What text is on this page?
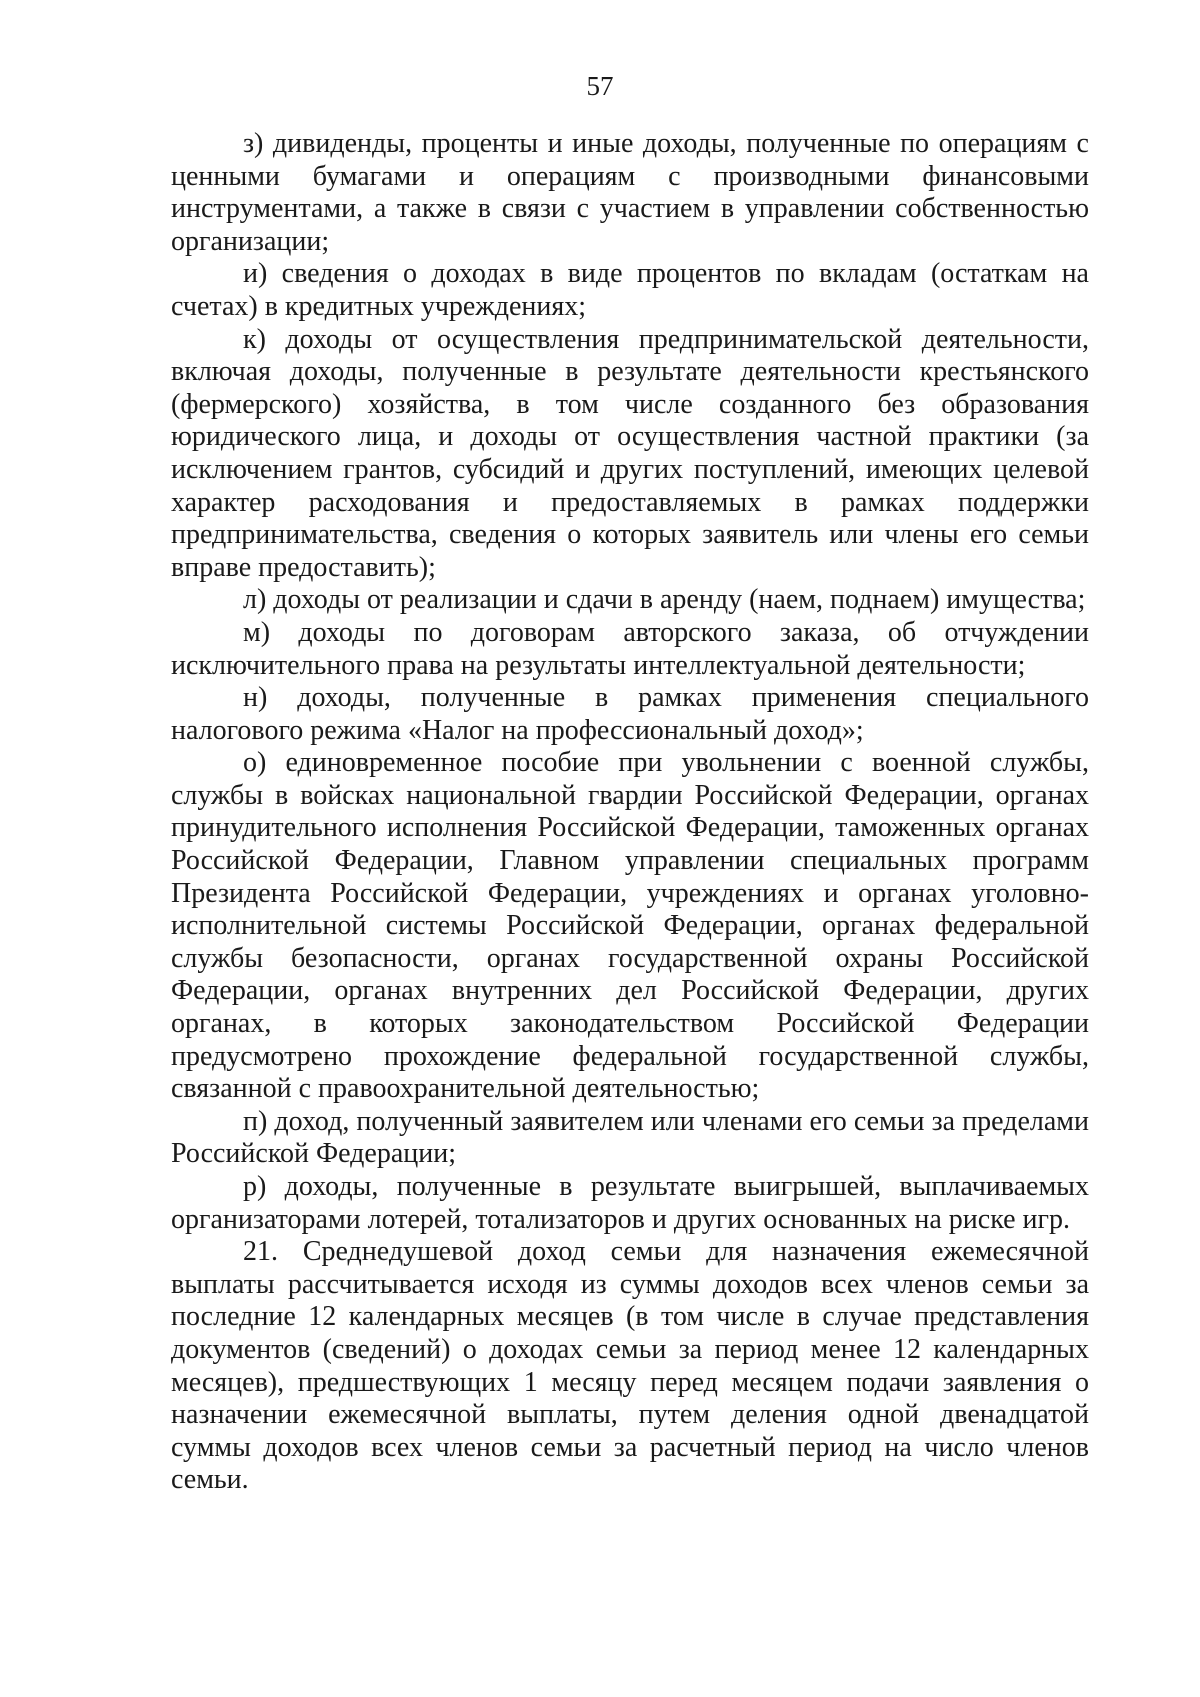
57

з) дивиденды, проценты и иные доходы, полученные по операциям с ценными бумагами и операциям с производными финансовыми инструментами, а также в связи с участием в управлении собственностью организации;

и) сведения о доходах в виде процентов по вкладам (остаткам на счетах) в кредитных учреждениях;

к) доходы от осуществления предпринимательской деятельности, включая доходы, полученные в результате деятельности крестьянского (фермерского) хозяйства, в том числе созданного без образования юридического лица, и доходы от осуществления частной практики (за исключением грантов, субсидий и других поступлений, имеющих целевой характер расходования и предоставляемых в рамках поддержки предпринимательства, сведения о которых заявитель или члены его семьи вправе предоставить);

л) доходы от реализации и сдачи в аренду (наем, поднаем) имущества;

м) доходы по договорам авторского заказа, об отчуждении исключительного права на результаты интеллектуальной деятельности;

н) доходы, полученные в рамках применения специального налогового режима «Налог на профессиональный доход»;

о) единовременное пособие при увольнении с военной службы, службы в войсках национальной гвардии Российской Федерации, органах принудительного исполнения Российской Федерации, таможенных органах Российской Федерации, Главном управлении специальных программ Президента Российской Федерации, учреждениях и органах уголовно-исполнительной системы Российской Федерации, органах федеральной службы безопасности, органах государственной охраны Российской Федерации, органах внутренних дел Российской Федерации, других органах, в которых законодательством Российской Федерации предусмотрено прохождение федеральной государственной службы, связанной с правоохранительной деятельностью;

п) доход, полученный заявителем или членами его семьи за пределами Российской Федерации;

р) доходы, полученные в результате выигрышей, выплачиваемых организаторами лотерей, тотализаторов и других основанных на риске игр.

21. Среднедушевой доход семьи для назначения ежемесячной выплаты рассчитывается исходя из суммы доходов всех членов семьи за последние 12 календарных месяцев (в том числе в случае представления документов (сведений) о доходах семьи за период менее 12 календарных месяцев), предшествующих 1 месяцу перед месяцем подачи заявления о назначении ежемесячной выплаты, путем деления одной двенадцатой суммы доходов всех членов семьи за расчетный период на число членов семьи.
